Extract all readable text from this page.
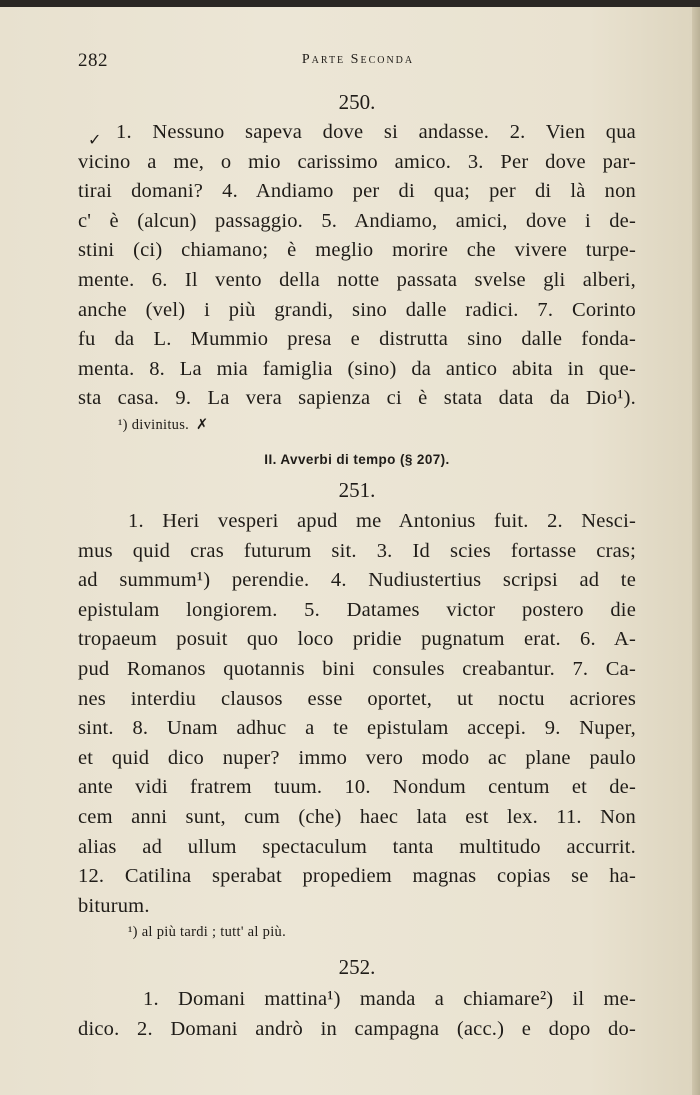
282	Parte Seconda
250.
✓ 1. Nessuno sapeva dove si andasse. 2. Vien qua
vicino a me, o mio carissimo amico. 3. Per dove par-
tirai domani? 4. Andiamo per di qua; per di là non
c' è (alcun) passaggio. 5. Andiamo, amici, dove i de-
stini (ci) chiamano; è meglio morire che vivere turpe-
mente. 6. Il vento della notte passata svelse gli alberi,
anche (vel) i più grandi, sino dalle radici. 7. Corinto
fu da L. Mummio presa e distrutta sino dalle fonda-
menta. 8. La mia famiglia (sino) da antico abita in que-
sta casa. 9. La vera sapienza ci è stata data da Dio¹).
¹) divinitus. ✗
II. Avverbi di tempo (§ 207).
251.
1. Heri vesperi apud me Antonius fuit. 2. Nesci-
mus quid cras futurum sit. 3. Id scies fortasse cras;
ad summum¹) perendie. 4. Nudiustertius scripsi ad te
epistulam longiorem. 5. Datames victor postero die
tropaeum posuit quo loco pridie pugnatum erat. 6. A-
pud Romanos quotannis bini consules creabantur. 7. Ca-
nes interdiu clausos esse oportet, ut noctu acriores
sint. 8. Unam adhuc a te epistulam accepi. 9. Nuper,
et quid dico nuper? immo vero modo ac plane paulo
ante vidi fratrem tuum. 10. Nondum centum et de-
cem anni sunt, cum (che) haec lata est lex. 11. Non
alias ad ullum spectaculum tanta multitudo accurrit.
12. Catilina sperabat propediem magnas copias se ha-
biturum.
¹) al più tardi ; tutt' al più.
252.
1. Domani mattina¹) manda a chiamare²) il me-
dico. 2. Domani andrò in campagna (acc.) e dopo do-
